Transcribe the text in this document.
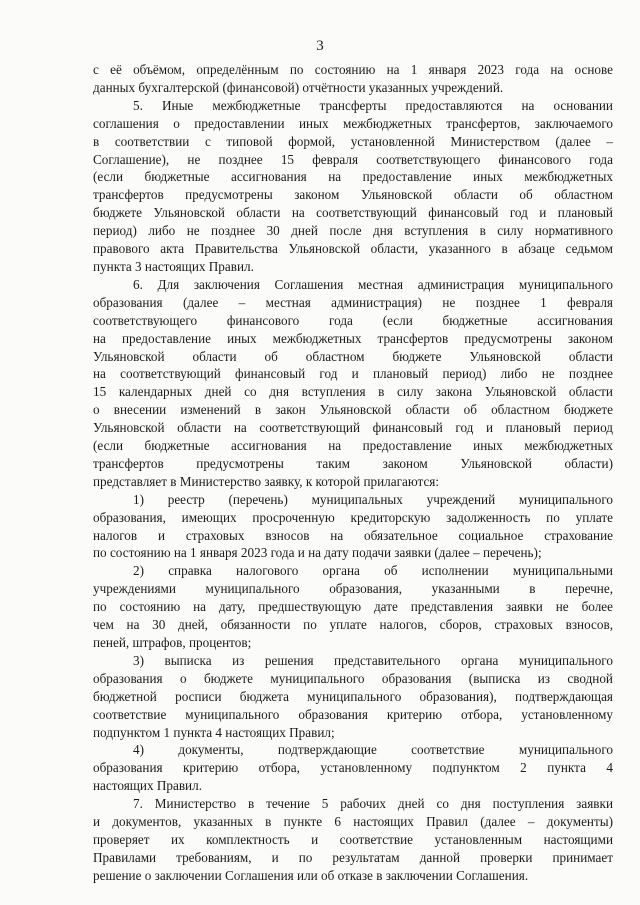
3
с её объёмом, определённым по состоянию на 1 января 2023 года на основе
данных бухгалтерской (финансовой) отчётности указанных учреждений.
5. Иные межбюджетные трансферты предоставляются на основании
соглашения о предоставлении иных межбюджетных трансфертов, заключаемого
в соответствии с типовой формой, установленной Министерством (далее –
Соглашение), не позднее 15 февраля соответствующего финансового года
(если бюджетные ассигнования на предоставление иных межбюджетных
трансфертов предусмотрены законом Ульяновской области об областном
бюджете Ульяновской области на соответствующий финансовый год и плановый
период) либо не позднее 30 дней после дня вступления в силу нормативного
правового акта Правительства Ульяновской области, указанного в абзаце седьмом
пункта 3 настоящих Правил.
6. Для заключения Соглашения местная администрация муниципального
образования (далее – местная администрация) не позднее 1 февраля
соответствующего финансового года (если бюджетные ассигнования
на предоставление иных межбюджетных трансфертов предусмотрены законом
Ульяновской области об областном бюджете Ульяновской области
на соответствующий финансовый год и плановый период) либо не позднее
15 календарных дней со дня вступления в силу закона Ульяновской области
о внесении изменений в закон Ульяновской области об областном бюджете
Ульяновской области на соответствующий финансовый год и плановый период
(если бюджетные ассигнования на предоставление иных межбюджетных
трансфертов предусмотрены таким законом Ульяновской области)
представляет в Министерство заявку, к которой прилагаются:
1) реестр (перечень) муниципальных учреждений муниципального
образования, имеющих просроченную кредиторскую задолженность по уплате
налогов и страховых взносов на обязательное социальное страхование
по состоянию на 1 января 2023 года и на дату подачи заявки (далее – перечень);
2) справка налогового органа об исполнении муниципальными
учреждениями муниципального образования, указанными в перечне,
по состоянию на дату, предшествующую дате представления заявки не более
чем на 30 дней, обязанности по уплате налогов, сборов, страховых взносов,
пеней, штрафов, процентов;
3) выписка из решения представительного органа муниципального
образования о бюджете муниципального образования (выписка из сводной
бюджетной росписи бюджета муниципального образования), подтверждающая
соответствие муниципального образования критерию отбора, установленному
подпунктом 1 пункта 4 настоящих Правил;
4) документы, подтверждающие соответствие муниципального
образования критерию отбора, установленному подпунктом 2 пункта 4
настоящих Правил.
7. Министерство в течение 5 рабочих дней со дня поступления заявки
и документов, указанных в пункте 6 настоящих Правил (далее – документы)
проверяет их комплектность и соответствие установленным настоящими
Правилами требованиям, и по результатам данной проверки принимает
решение о заключении Соглашения или об отказе в заключении Соглашения.
